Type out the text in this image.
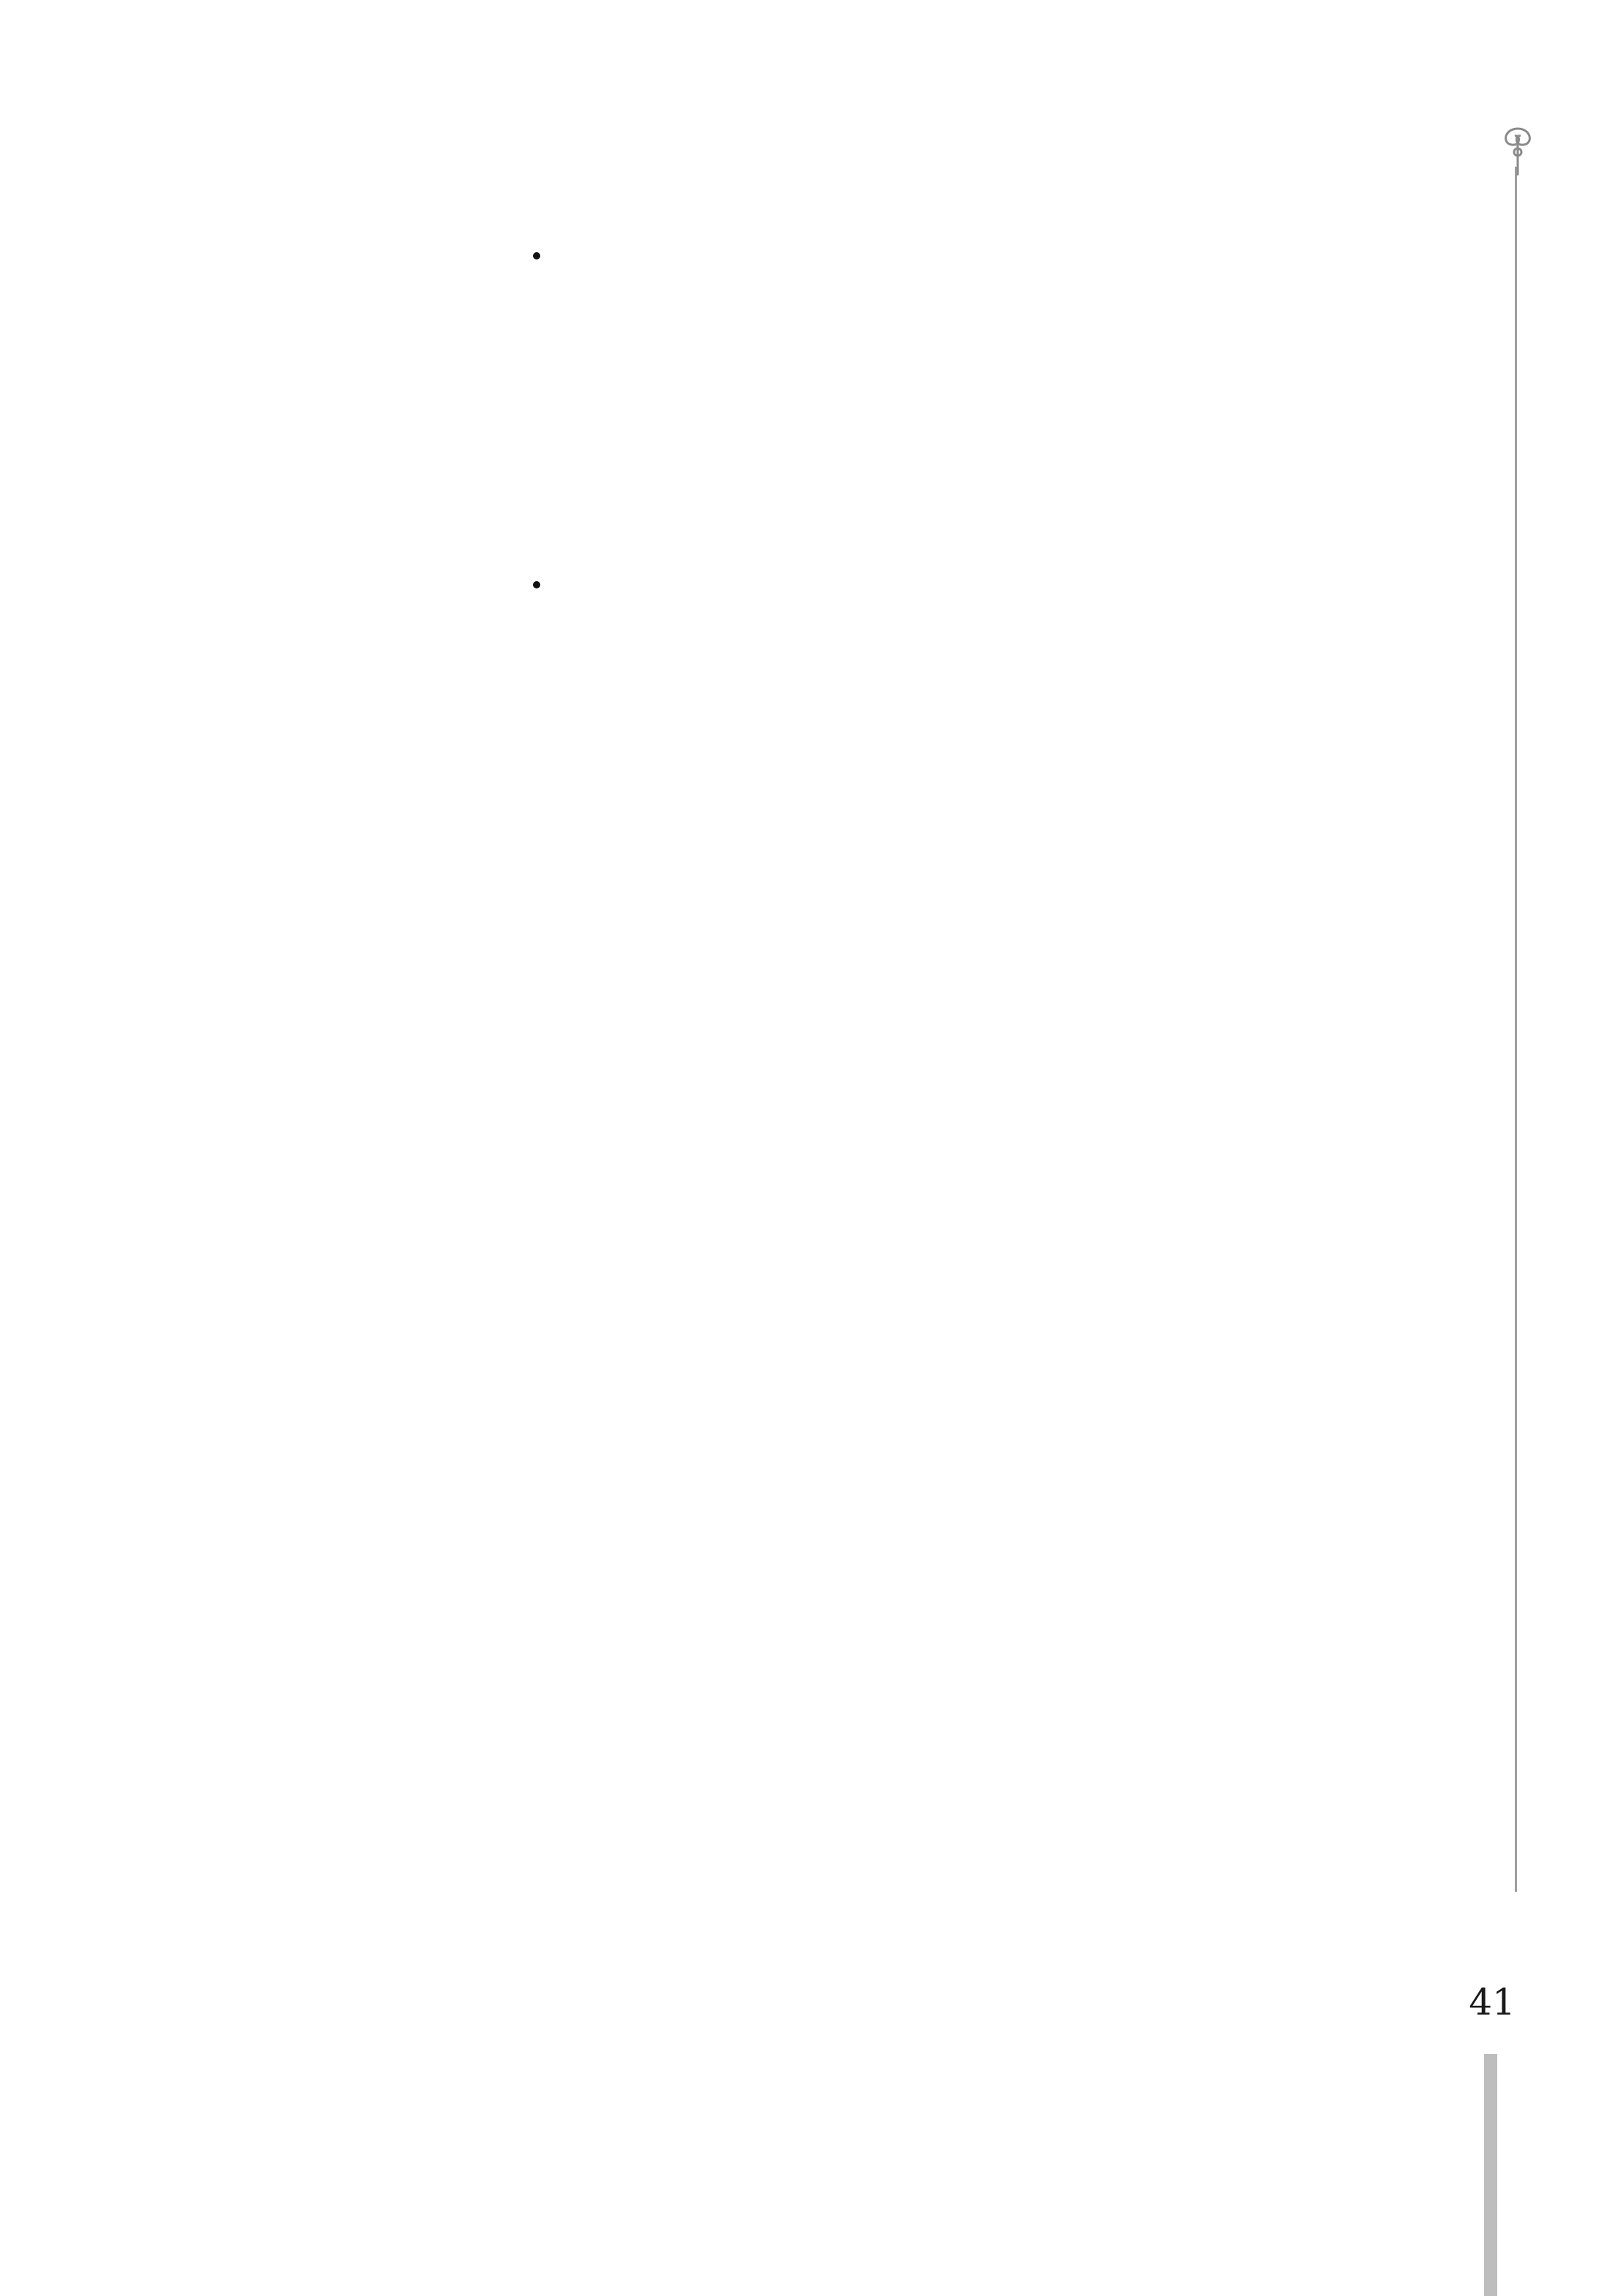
41
